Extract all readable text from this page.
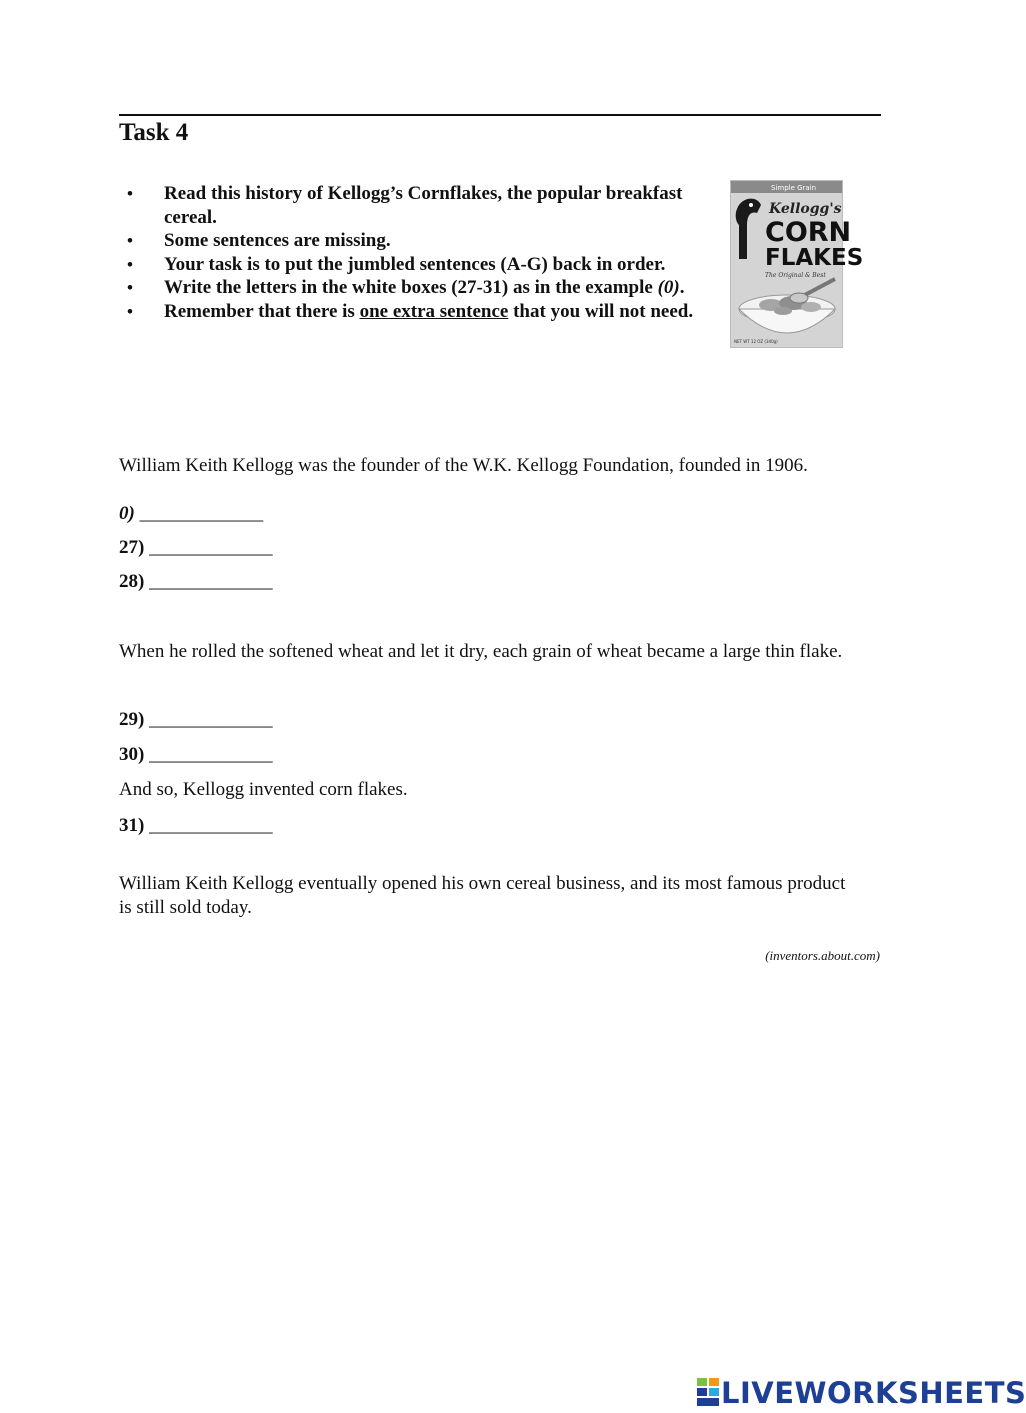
Task 4
• Read this history of Kellogg’s Cornflakes, the popular breakfast cereal.
• Some sentences are missing.
• Your task is to put the jumbled sentences (A-G) back in order.
• Write the letters in the white boxes (27-31) as in the example (0).
• Remember that there is one extra sentence that you will not need.
Simple Grain
Kellogg's
CORN
FLAKES
The Original & Best
NET WT 12 OZ (340g)
William Keith Kellogg was the founder of the W.K. Kellogg Foundation, founded in 1906.
0) _____________
27) _____________
28) _____________
When he rolled the softened wheat and let it dry, each grain of wheat became a large thin flake.
29) _____________
30) _____________
And so, Kellogg invented corn flakes.
31) _____________
William Keith Kellogg eventually opened his own cereal business, and its most famous product is still sold today.
(inventors.about.com)
LIVEWORKSHEETS
